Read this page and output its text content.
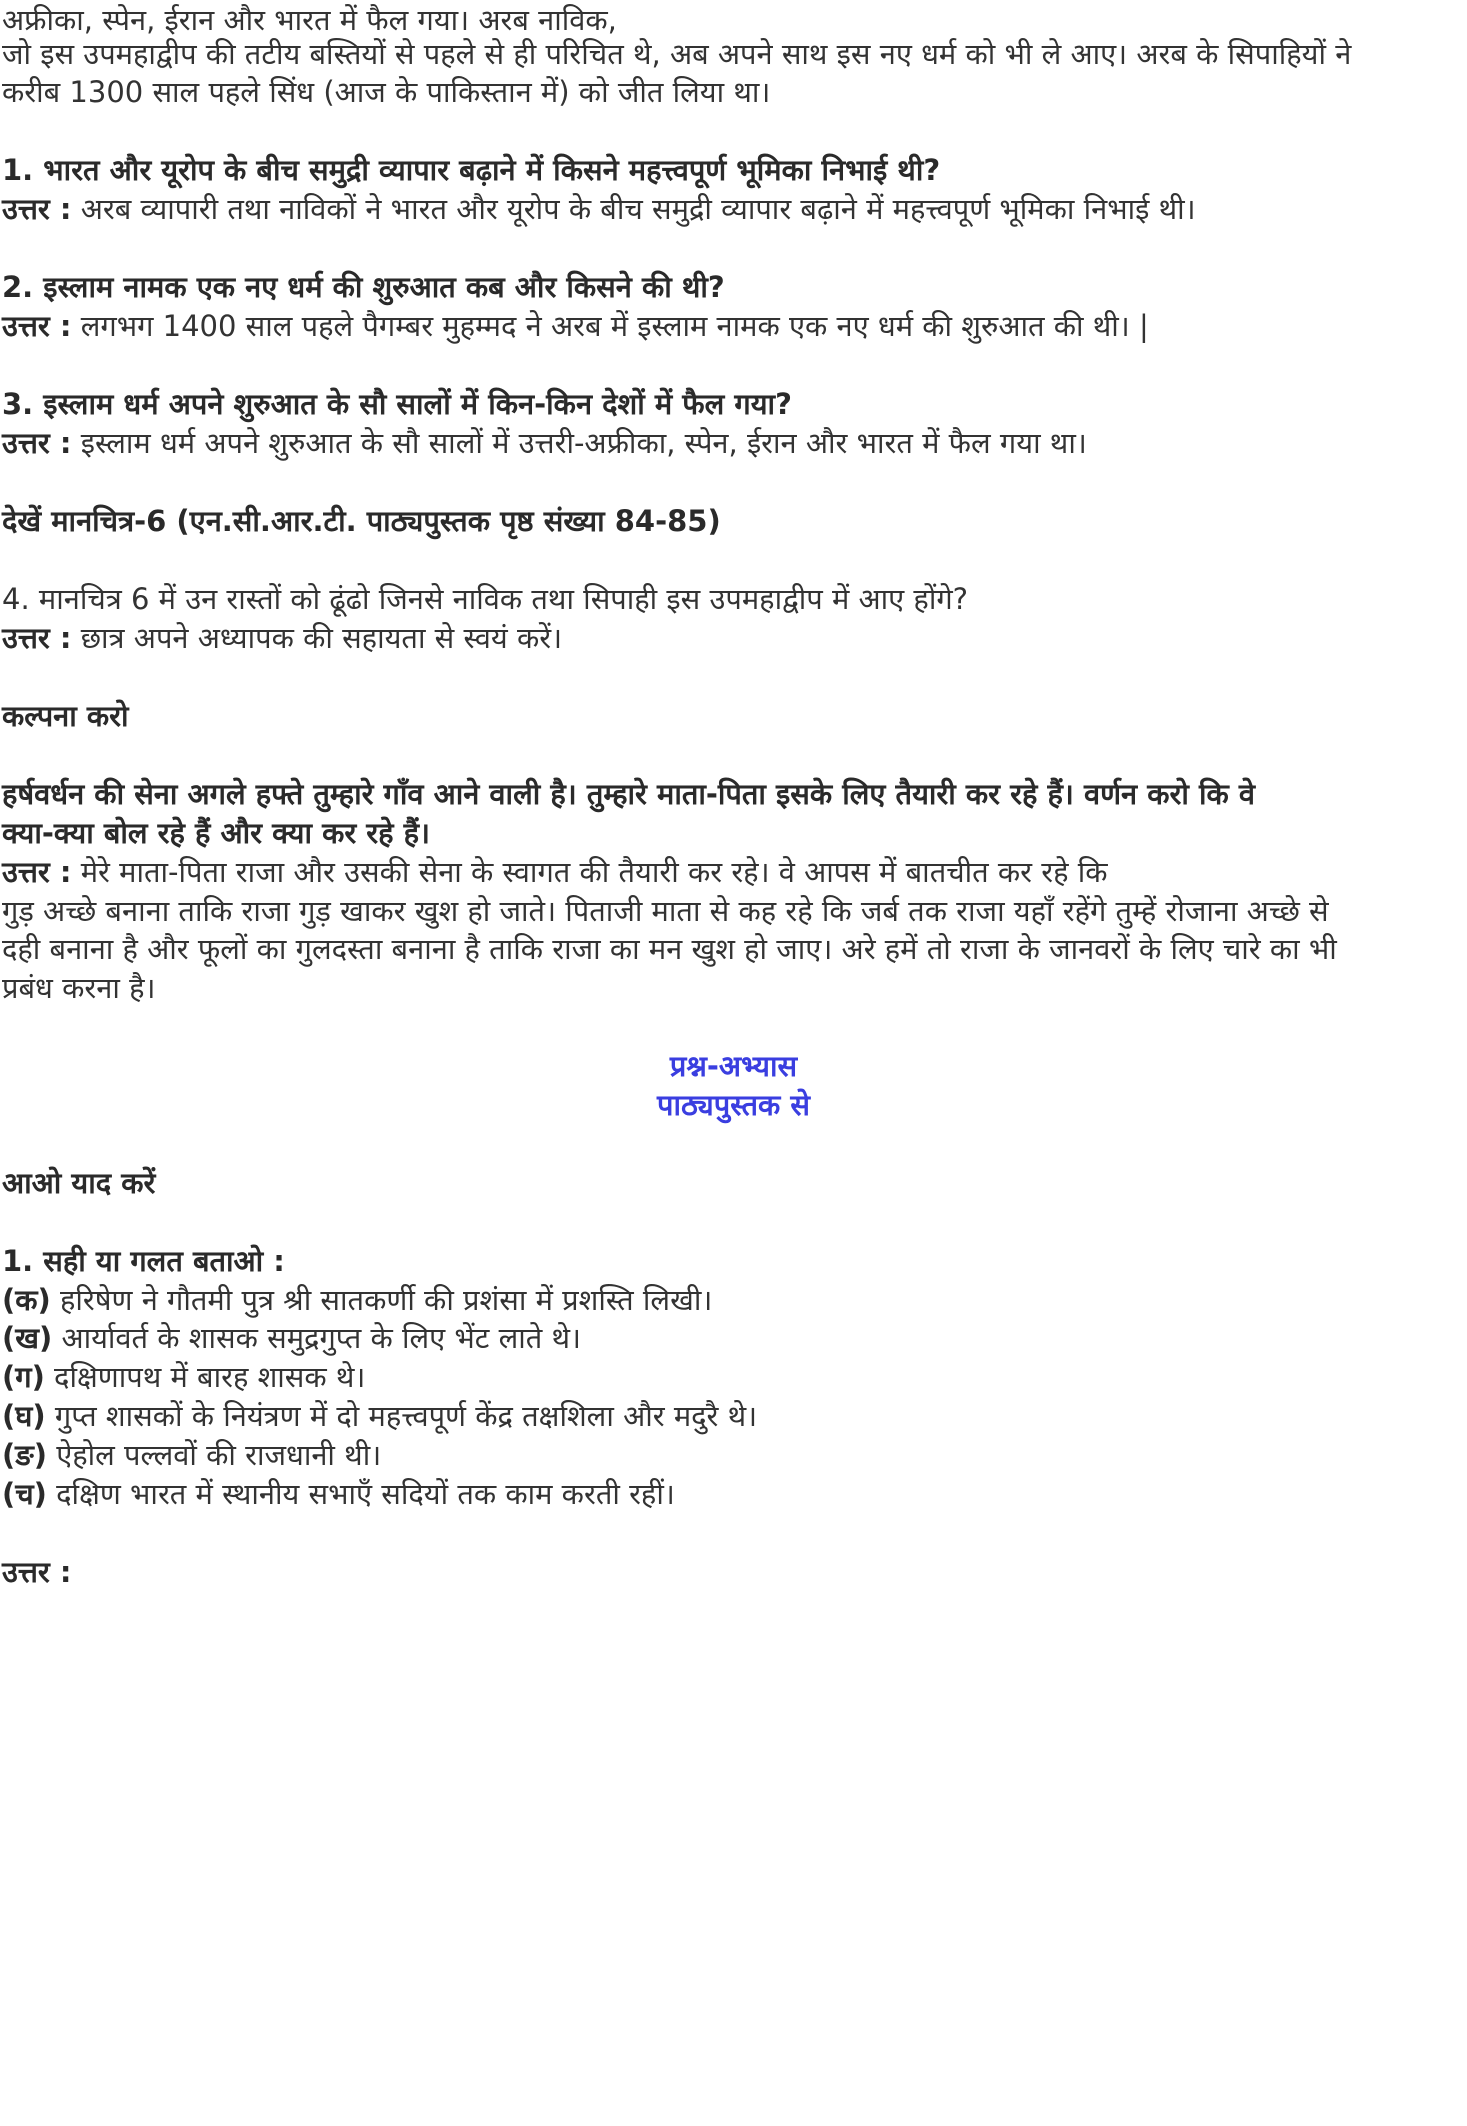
अफ्रीका, स्पेन, ईरान और भारत में फैल गया। अरब नाविक,
जो इस उपमहाद्वीप की तटीय बस्तियों से पहले से ही परिचित थे, अब अपने साथ इस नए धर्म को भी ले आए। अरब के सिपाहियों ने
करीब 1300 साल पहले सिंध (आज के पाकिस्तान में) को जीत लिया था।
1. भारत और यूरोप के बीच समुद्री व्यापार बढ़ाने में किसने महत्त्वपूर्ण भूमिका निभाई थी?
उत्तर : अरब व्यापारी तथा नाविकों ने भारत और यूरोप के बीच समुद्री व्यापार बढ़ाने में महत्त्वपूर्ण भूमिका निभाई थी।
2. इस्लाम नामक एक नए धर्म की शुरुआत कब और किसने की थी?
उत्तर : लगभग 1400 साल पहले पैगम्बर मुहम्मद ने अरब में इस्लाम नामक एक नए धर्म की शुरुआत की थी। |
3. इस्लाम धर्म अपने शुरुआत के सौ सालों में किन-किन देशों में फैल गया?
उत्तर : इस्लाम धर्म अपने शुरुआत के सौ सालों में उत्तरी-अफ्रीका, स्पेन, ईरान और भारत में फैल गया था।
देखें मानचित्र-6 (एन.सी.आर.टी. पाठ्यपुस्तक पृष्ठ संख्या 84-85)
4. मानचित्र 6 में उन रास्तों को ढूंढो जिनसे नाविक तथा सिपाही इस उपमहाद्वीप में आए होंगे?
उत्तर : छात्र अपने अध्यापक की सहायता से स्वयं करें।
कल्पना करो
हर्षवर्धन की सेना अगले हफ्ते तुम्हारे गाँव आने वाली है। तुम्हारे माता-पिता इसके लिए तैयारी कर रहे हैं। वर्णन करो कि वे
क्या-क्या बोल रहे हैं और क्या कर रहे हैं।
उत्तर : मेरे माता-पिता राजा और उसकी सेना के स्वागत की तैयारी कर रहे। वे आपस में बातचीत कर रहे कि
गुड़ अच्छे बनाना ताकि राजा गुड़ खाकर खुश हो जाते। पिताजी माता से कह रहे कि जर्ब तक राजा यहाँ रहेंगे तुम्हें रोजाना अच्छे से
दही बनाना है और फूलों का गुलदस्ता बनाना है ताकि राजा का मन खुश हो जाए। अरे हमें तो राजा के जानवरों के लिए चारे का भी
प्रबंध करना है।
प्रश्न-अभ्यास
पाठ्यपुस्तक से
आओ याद करें
1. सही या गलत बताओ :
(क) हरिषेण ने गौतमी पुत्र श्री सातकर्णी की प्रशंसा में प्रशस्ति लिखी।
(ख) आर्यावर्त के शासक समुद्रगुप्त के लिए भेंट लाते थे।
(ग) दक्षिणापथ में बारह शासक थे।
(घ) गुप्त शासकों के नियंत्रण में दो महत्त्वपूर्ण केंद्र तक्षशिला और मदुरै थे।
(ङ) ऐहोल पल्लवों की राजधानी थी।
(च) दक्षिण भारत में स्थानीय सभाएँ सदियों तक काम करती रहीं।
उत्तर :
